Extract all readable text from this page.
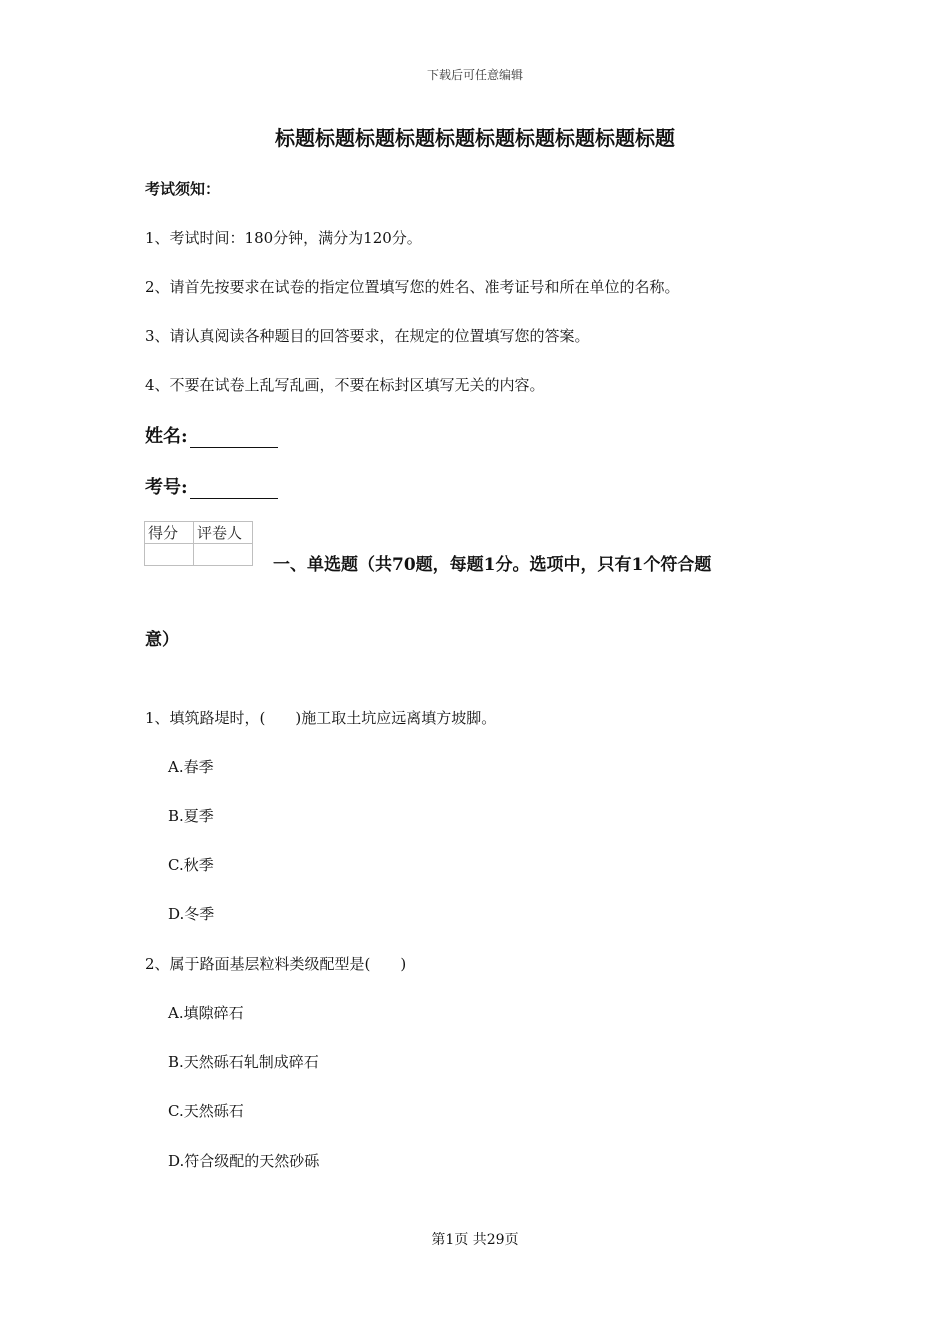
下载后可任意编辑
标题标题标题标题标题标题标题标题标题标题
考试须知：
1、考试时间：180分钟，满分为120分。
2、请首先按要求在试卷的指定位置填写您的姓名、准考证号和所在单位的名称。
3、请认真阅读各种题目的回答要求，在规定的位置填写您的答案。
4、不要在试卷上乱写乱画，不要在标封区填写无关的内容。
姓名:
考号:
得分	评卷人

一、单选题（共70题，每题1分。选项中，只有1个符合题
意）
1、填筑路堤时，(　　)施工取土坑应远离填方坡脚。
A.春季
B.夏季
C.秋季
D.冬季
2、属于路面基层粒料类级配型是(　　)
A.填隙碎石
B.天然砾石轧制成碎石
C.天然砾石
D.符合级配的天然砂砾
第1页 共29页
